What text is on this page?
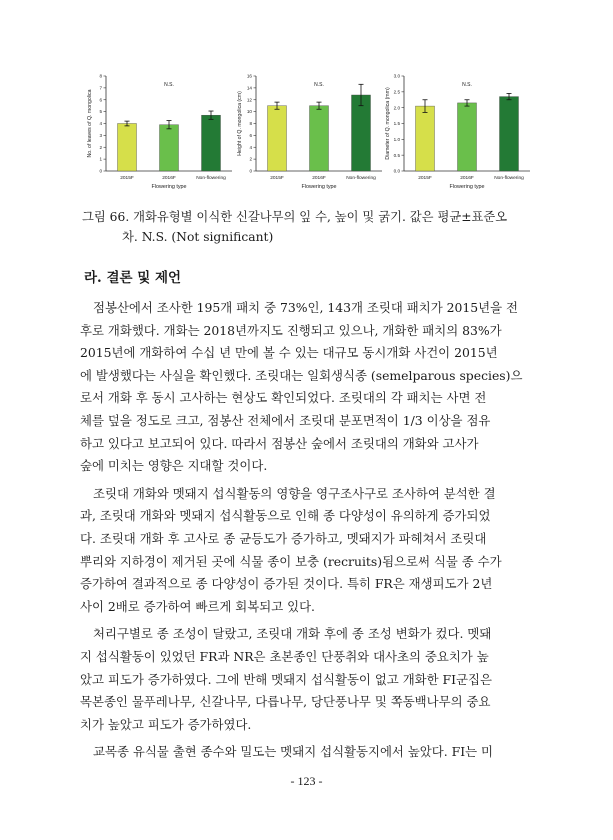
0
1
2
3
4
5
6
7
8
2015F	2016F	Non-flowering
N.S.
Flowering type
No. of leaves of Q. mongolica
0
2
4
6
8
10
12
14
16
2015F	2016F	Non-flowering
N.S.
Flowering type
Height of Q. mongolica (cm)
0.0
0.5
1.0
1.5
2.0
2.5
3.0
2015F	2016F	Non-flowering
N.S.
Flowering type
Diameter of Q. mongolica (mm)
그림 66. 개화유형별 이식한 신갈나무의 잎 수, 높이 및 굵기. 값은 평균±표준오
차. N.S. (Not significant)
라. 결론 및 제언

점봉산에서 조사한 195개 패치 중 73%인, 143개 조릿대 패치가 2015년을 전
후로 개화했다. 개화는 2018년까지도 진행되고 있으나, 개화한 패치의 83%가
2015년에 개화하여 수십 년 만에 볼 수 있는 대규모 동시개화 사건이 2015년
에 발생했다는 사실을 확인했다. 조릿대는 일회생식종 (semelparous species)으
로서 개화 후 동시 고사하는 현상도 확인되었다. 조릿대의 각 패치는 사면 전
체를 덮을 정도로 크고, 점봉산 전체에서 조릿대 분포면적이 1/3 이상을 점유
하고 있다고 보고되어 있다. 따라서 점봉산 숲에서 조릿대의 개화와 고사가
숲에 미치는 영향은 지대할 것이다.

조릿대 개화와 멧돼지 섭식활동의 영향을 영구조사구로 조사하여 분석한 결
과, 조릿대 개화와 멧돼지 섭식활동으로 인해 종 다양성이 유의하게 증가되었
다. 조릿대 개화 후 고사로 종 균등도가 증가하고, 멧돼지가 파헤쳐서 조릿대
뿌리와 지하경이 제거된 곳에 식물 종이 보충 (recruits)됨으로써 식물 종 수가
증가하여 결과적으로 종 다양성이 증가된 것이다. 특히 FR은 재생피도가 2년
사이 2배로 증가하여 빠르게 회복되고 있다.

처리구별로 종 조성이 달랐고, 조릿대 개화 후에 종 조성 변화가 컸다. 멧돼
지 섭식활동이 있었던 FR과 NR은 초본종인 단풍취와 대사초의 중요치가 높
았고 피도가 증가하였다. 그에 반해 멧돼지 섭식활동이 없고 개화한 FI군집은
목본종인 물푸레나무, 신갈나무, 다릅나무, 당단풍나무 및 쪽동백나무의 중요
치가 높았고 피도가 증가하였다.

교목종 유식물 출현 종수와 밀도는 멧돼지 섭식활동지에서 높았다. FI는 미

- 123 -
